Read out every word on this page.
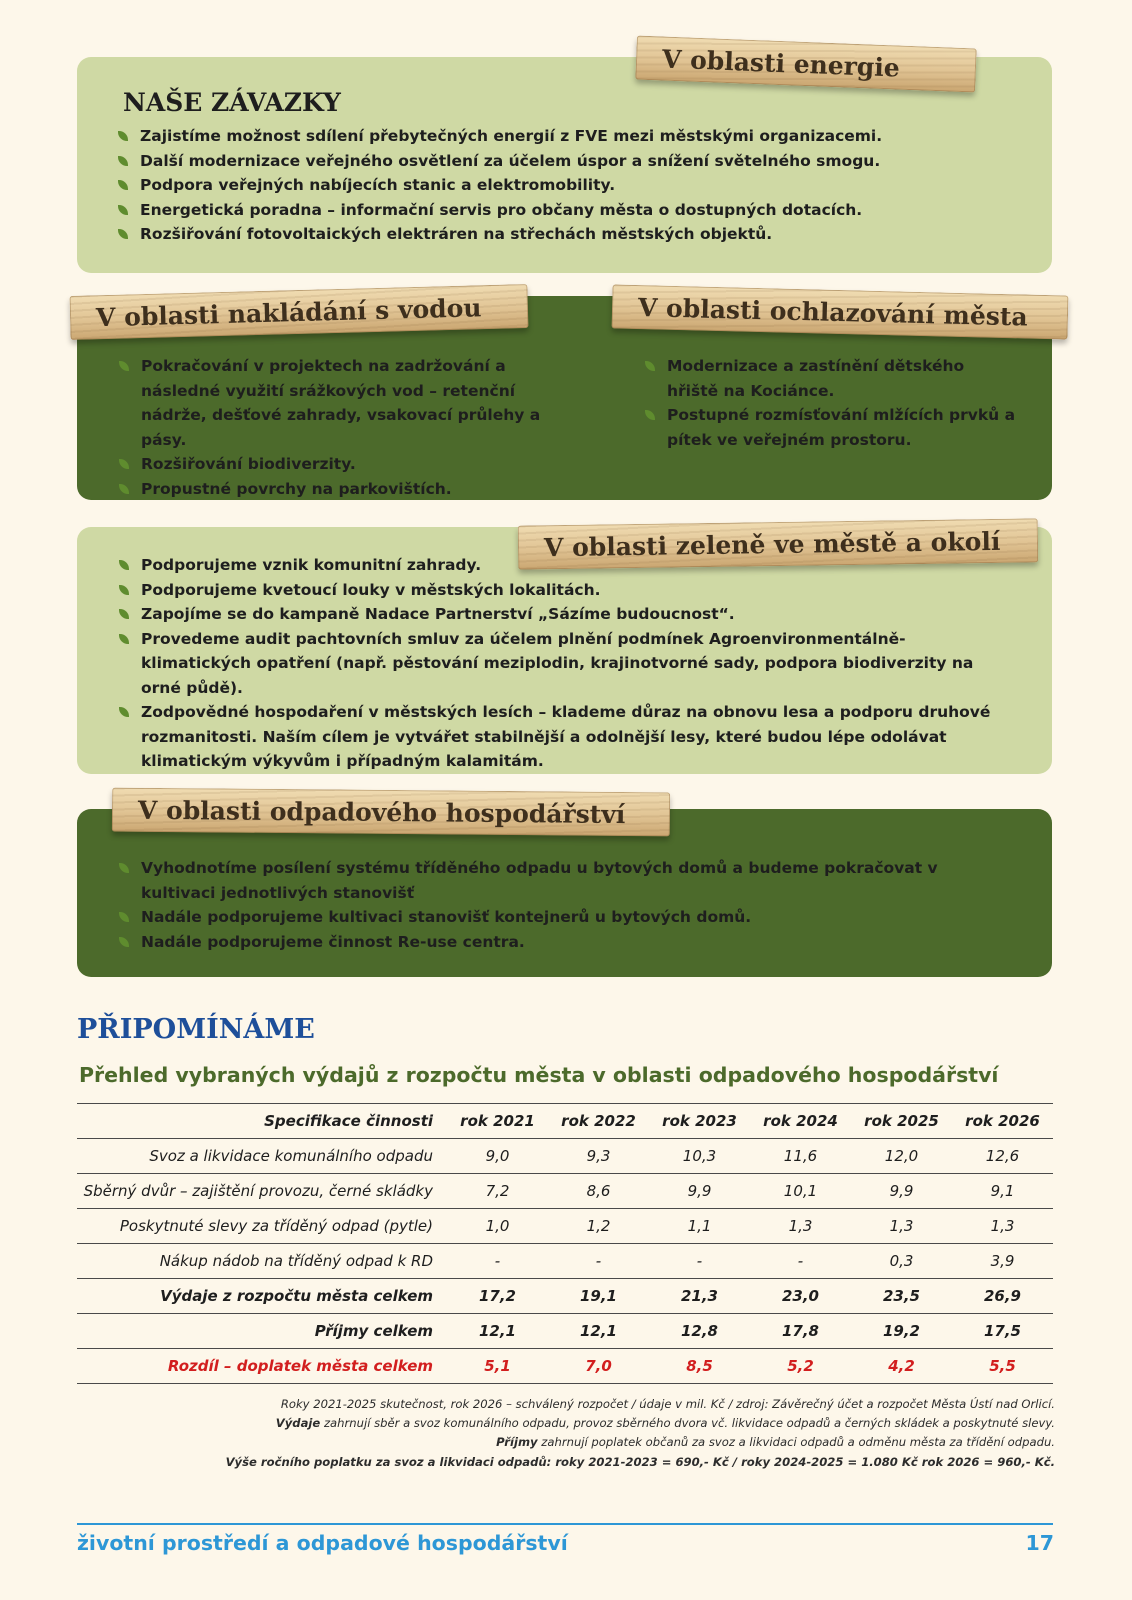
V oblasti energie
NAŠE ZÁVAZKY
Zajistíme možnost sdílení přebytečných energií z FVE mezi městskými organizacemi.
Další modernizace veřejného osvětlení za účelem úspor a snížení světelného smogu.
Podpora veřejných nabíjecích stanic a elektromobility.
Energetická poradna – informační servis pro občany města o dostupných dotacích.
Rozšiřování fotovoltaických elektráren na střechách městských objektů.
V oblasti nakládání s vodou	V oblasti ochlazování města
Pokračování v projektech na zadržování a následné využití srážkových vod – retenční nádrže, dešťové zahrady, vsakovací průlehy a pásy.
Rozšiřování biodiverzity.
Propustné povrchy na parkovištích.
Modernizace a zastínění dětského hřiště na Kociánce.
Postupné rozmísťování mlžících prvků a pítek ve veřejném prostoru.
V oblasti zeleně ve městě a okolí
Podporujeme vznik komunitní zahrady.
Podporujeme kvetoucí louky v městských lokalitách.
Zapojíme se do kampaně Nadace Partnerství „Sázíme budoucnost“.
Provedeme audit pachtovních smluv za účelem plnění podmínek Agroenvironmentálně-klimatických opatření (např. pěstování meziplodin, krajinotvorné sady, podpora biodiverzity na orné půdě).
Zodpovědné hospodaření v městských lesích – klademe důraz na obnovu lesa a podporu druhové rozmanitosti. Naším cílem je vytvářet stabilnější a odolnější lesy, které budou lépe odolávat klimatickým výkyvům i případným kalamitám.
V oblasti odpadového hospodářství
Vyhodnotíme posílení systému tříděného odpadu u bytových domů a budeme pokračovat v kultivaci jednotlivých stanovišť
Nadále podporujeme kultivaci stanovišť kontejnerů u bytových domů.
Nadále podporujeme činnost Re-use centra.
PŘIPOMÍNÁME
Přehled vybraných výdajů z rozpočtu města v oblasti odpadového hospodářství
Specifikace činnosti	rok 2021	rok 2022	rok 2023	rok 2024	rok 2025	rok 2026
Svoz a likvidace komunálního odpadu	9,0	9,3	10,3	11,6	12,0	12,6
Sběrný dvůr – zajištění provozu, černé skládky	7,2	8,6	9,9	10,1	9,9	9,1
Poskytnuté slevy za tříděný odpad (pytle)	1,0	1,2	1,1	1,3	1,3	1,3
Nákup nádob na tříděný odpad k RD	-	-	-	-	0,3	3,9
Výdaje z rozpočtu města celkem	17,2	19,1	21,3	23,0	23,5	26,9
Příjmy celkem	12,1	12,1	12,8	17,8	19,2	17,5
Rozdíl – doplatek města celkem	5,1	7,0	8,5	5,2	4,2	5,5
Roky 2021-2025 skutečnost, rok 2026 – schválený rozpočet / údaje v mil. Kč / zdroj: Závěrečný účet a rozpočet Města Ústí nad Orlicí.
Výdaje zahrnují sběr a svoz komunálního odpadu, provoz sběrného dvora vč. likvidace odpadů a černých skládek a poskytnuté slevy.
Příjmy zahrnují poplatek občanů za svoz a likvidaci odpadů a odměnu města za třídění odpadu.
Výše ročního poplatku za svoz a likvidaci odpadů: roky 2021-2023 = 690,- Kč / roky 2024-2025 = 1.080 Kč rok 2026 = 960,- Kč.
životní prostředí a odpadové hospodářství	17
